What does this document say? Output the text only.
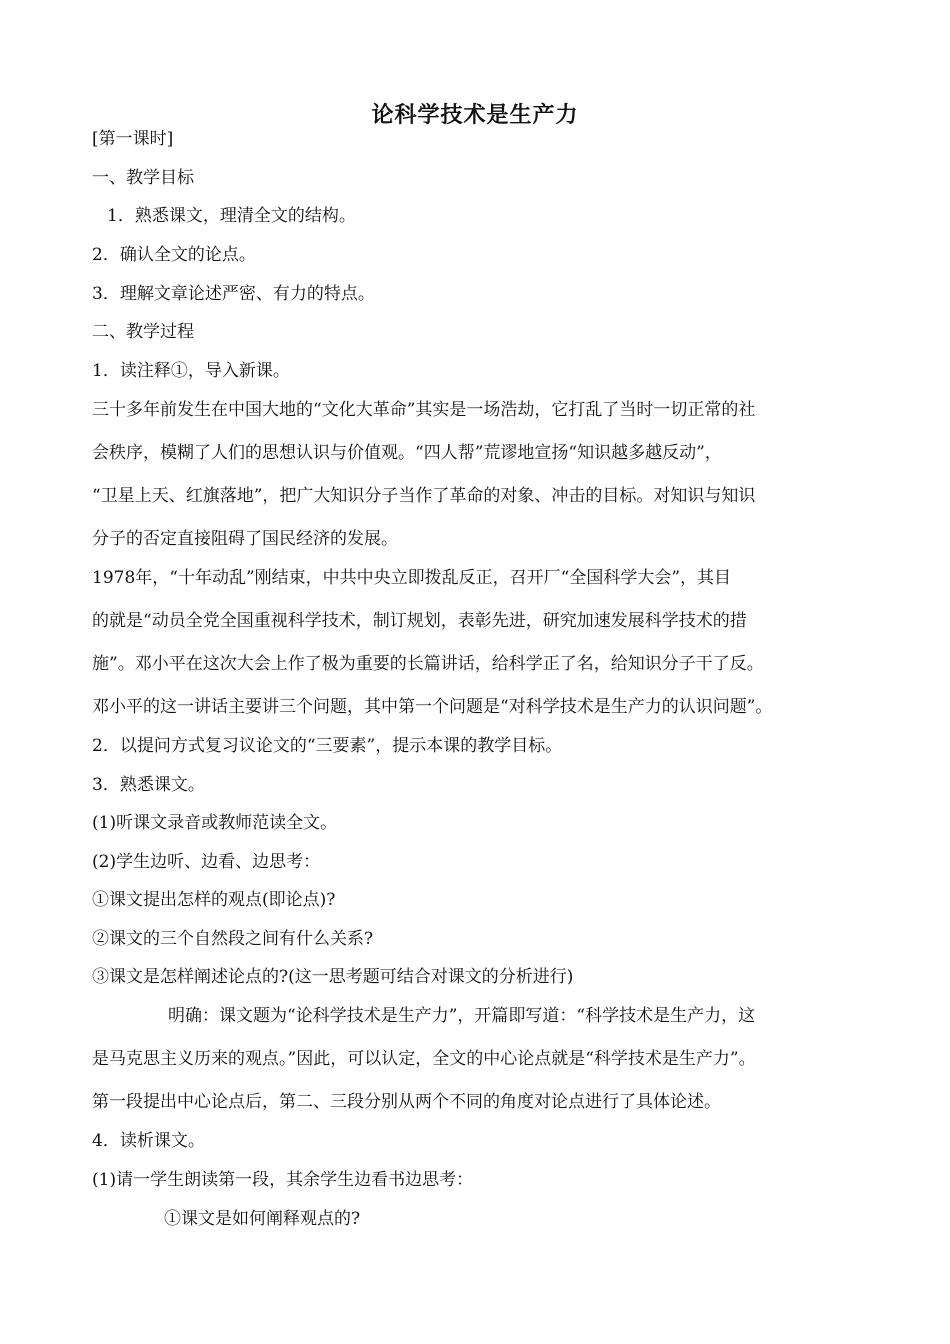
论科学技术是生产力
[第一课时]
一、教学目标
1．熟悉课文，理清全文的结构。
2．确认全文的论点。
3．理解文章论述严密、有力的特点。
二、教学过程
1．读注释①，导入新课。
三十多年前发生在中国大地的“文化大革命”其实是一场浩劫，它打乱了当时一切正常的社
会秩序，模糊了人们的思想认识与价值观。“四人帮”荒谬地宣扬“知识越多越反动”，
“卫星上天、红旗落地”，把广大知识分子当作了革命的对象、冲击的目标。对知识与知识
分子的否定直接阻碍了国民经济的发展。
1978年，“十年动乱”刚结束，中共中央立即拨乱反正，召开厂“全国科学大会”，其目
的就是“动员全党全国重视科学技术，制订规划，表彰先进，研究加速发展科学技术的措
施”。邓小平在这次大会上作了极为重要的长篇讲话，给科学正了名，给知识分子干了反。
邓小平的这一讲话主要讲三个问题，其中第一个问题是“对科学技术是生产力的认识问题”。
2．以提问方式复习议论文的“三要素”，提示本课的教学目标。
3．熟悉课文。
(1)听课文录音或教师范读全文。
(2)学生边听、边看、边思考：
①课文提出怎样的观点(即论点)?
②课文的三个自然段之间有什么关系?
③课文是怎样阐述论点的?(这一思考题可结合对课文的分析进行)
明确：课文题为“论科学技术是生产力”，开篇即写道：“科学技术是生产力，这
是马克思主义历来的观点。”因此，可以认定，全文的中心论点就是“科学技术是生产力”。
第一段提出中心论点后，第二、三段分别从两个不同的角度对论点进行了具体论述。
4．读析课文。
(1)请一学生朗读第一段，其余学生边看书边思考：
①课文是如何阐释观点的?
